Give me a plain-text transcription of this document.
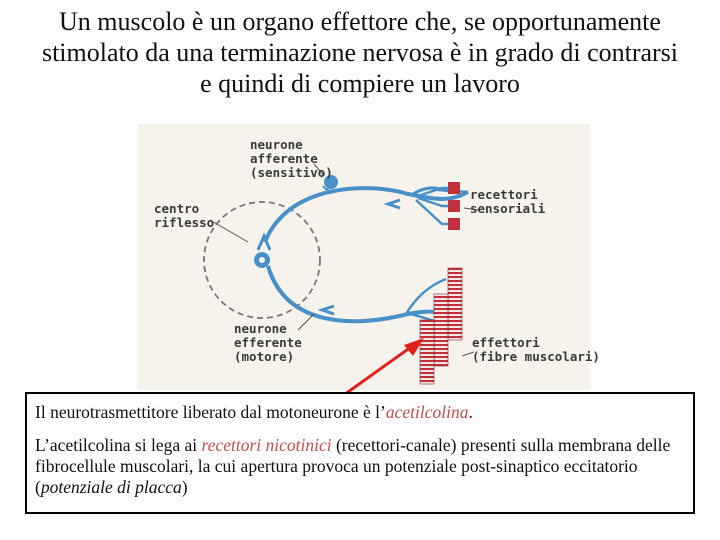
Un muscolo è un organo effettore che, se opportunamente
stimolato da una terminazione nervosa è in grado di contrarsi
e quindi di compiere un lavoro
neurone
afferente
(sensitivo)
centro
riflesso
recettori
sensoriali
neurone
efferente
(motore)
effettori
(fibre muscolari)

Il neurotrasmettitore liberato dal motoneurone è l’acetilcolina.

L’acetilcolina si lega ai recettori nicotinici (recettori-canale) presenti sulla membrana delle fibrocellule muscolari, la cui apertura provoca un potenziale post-sinaptico eccitatorio (potenziale di placca)
